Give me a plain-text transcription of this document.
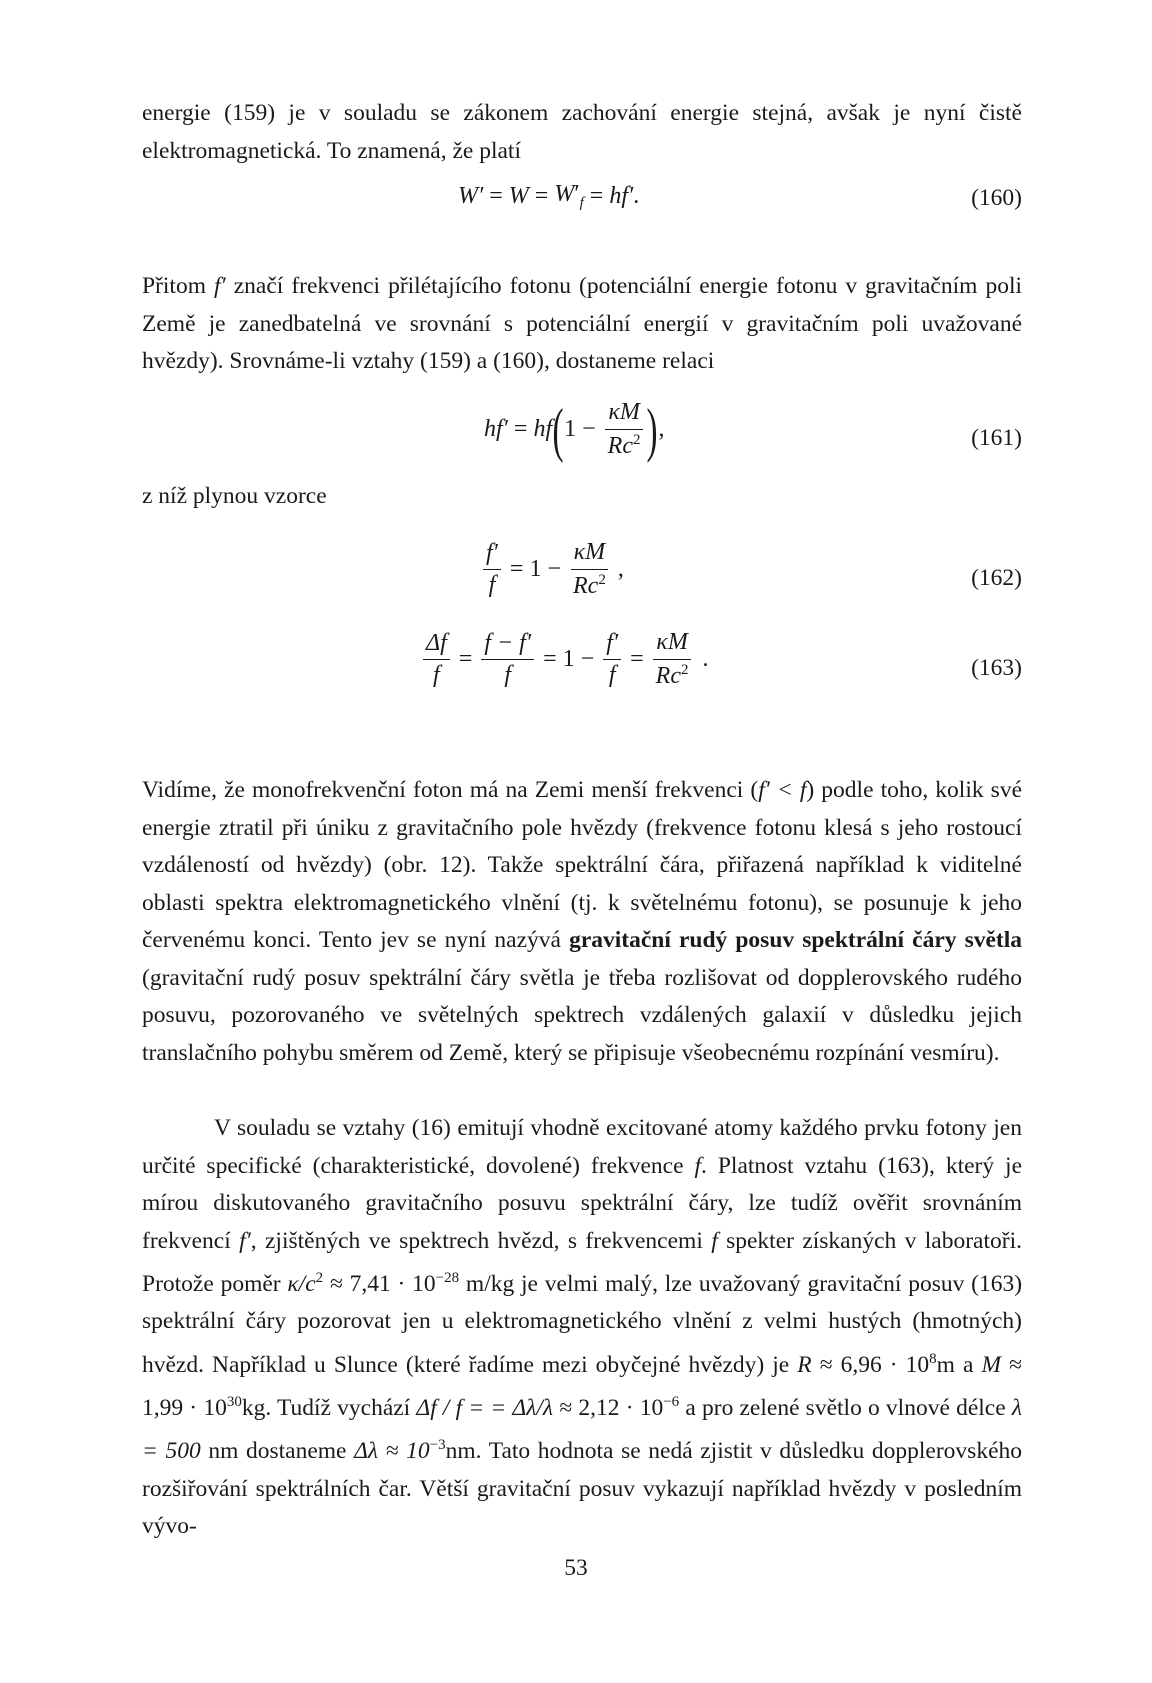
energie (159) je v souladu se zákonem zachování energie stejná, avšak je nyní čistě elektromagnetická. To znamená, že platí

$W' = W = W'_f = hf'$ .	(160)

Přitom f′ značí frekvenci přilétajícího fotonu (potenciální energie fotonu v gravitačním poli Země je zanedbatelná ve srovnání s potenciální energií v gravitačním poli uvažované hvězdy). Srovnáme-li vztahy (159) a (160), dostaneme relaci

hf′ = hf ( $1 - \frac{\kappa M}{Rc^2}$ ) ,	(161)

z níž plynou vzorce

$\frac{f'}{f} = 1 - \frac{\kappa M}{Rc^2}$ ,	(162)
$\frac{\Delta f}{f} = \frac{f - f'}{f} = 1 - \frac{f'}{f} = \frac{\kappa M}{Rc^2}$ .	(163)

Vidíme, že monofrekvenční foton má na Zemi menší frekvenci (f′ < f) podle toho, kolik své energie ztratil při úniku z gravitačního pole hvězdy (frekvence fotonu klesá s jeho rostoucí vzdáleností od hvězdy) (obr. 12). Takže spektrální čára, přiřazená například k viditelné oblasti spektra elektromagnetického vlnění (tj. k světelnému fotonu), se posunuje k jeho červenému konci. Tento jev se nyní nazývá gravitační rudý posuv spektrální čáry světla (gravitační rudý posuv spektrální čáry světla je třeba rozlišovat od dopplerovského rudého posuvu, pozorovaného ve světelných spektrech vzdálených galaxií v důsledku jejich translačního pohybu směrem od Země, který se připisuje všeobecnému rozpínání vesmíru).

V souladu se vztahy (16) emitují vhodně excitované atomy každého prvku fotony jen určité specifické (charakteristické, dovolené) frekvence f. Platnost vztahu (163), který je mírou diskutovaného gravitačního posuvu spektrální čáry, lze tudíž ověřit srovnáním frekvencí f′, zjištěných ve spektrech hvězd, s frekvencemi f spekter získaných v laboratoři. Protože poměr $\kappa/c^2 \approx 7,41 \cdot 10^{-28}$ m/kg je velmi malý, lze uvažovaný gravitační posuv (163) spektrální čáry pozorovat jen u elektromagnetického vlnění z velmi hustých (hmotných) hvězd. Například u Slunce (které řadíme mezi obyčejné hvězdy) je $R \approx 6,96 \cdot 10^8m$ a $M \approx 1,99 \cdot 10^{30}kg$. Tudíž vychází Δf / f = = $\Delta\lambda/\lambda \approx 2,12 \cdot 10^{-6}$ a pro zelené světlo o vlnové délce λ = 500 nm dostaneme $\Delta\lambda \approx 10^{-3}nm$. Tato hodnota se nedá zjistit v důsledku dopplerovského rozšiřování spektrálních čar. Větší gravitační posuv vykazují například hvězdy v posledním vývo-

53
